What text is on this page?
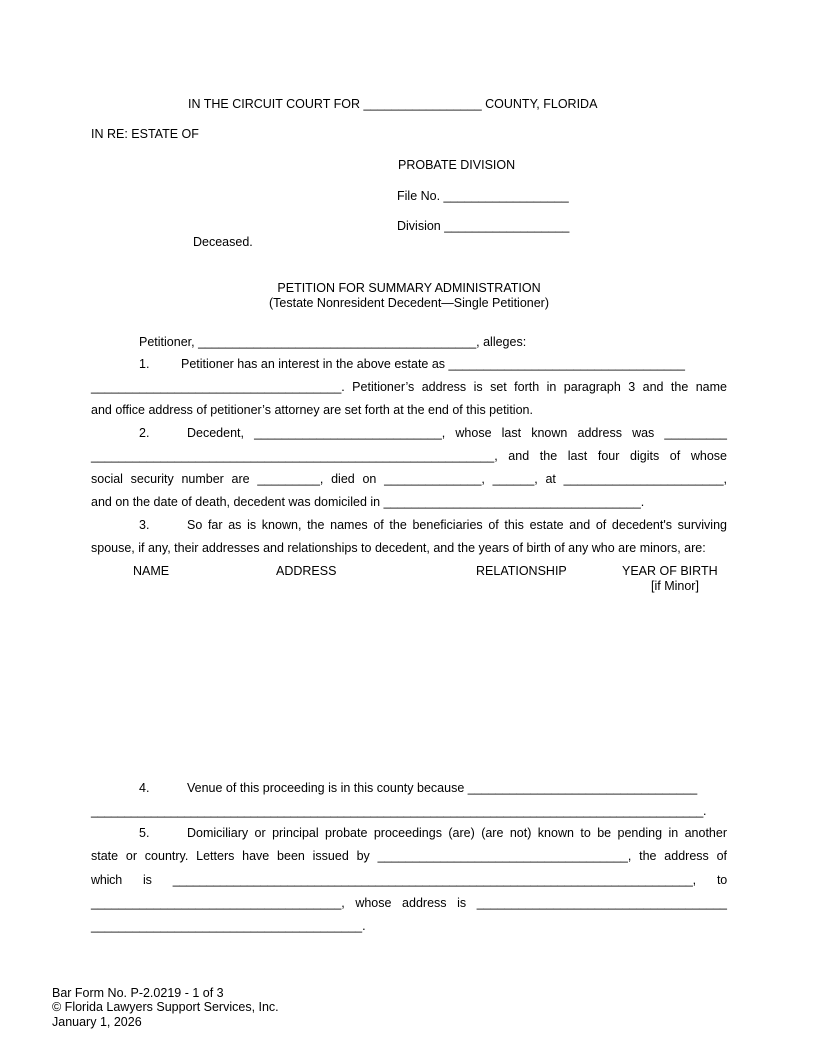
IN THE CIRCUIT COURT FOR _________________ COUNTY, FLORIDA
IN RE: ESTATE OF
PROBATE DIVISION
File No. __________________
Division __________________
Deceased.
PETITION FOR SUMMARY ADMINISTRATION
(Testate Nonresident Decedent—Single Petitioner)
Petitioner, ________________________________________, alleges:
1.	Petitioner has an interest in the above estate as __________________________________
____________________________________. Petitioner’s address is set forth in paragraph 3 and the name
and office address of petitioner’s attorney are set forth at the end of this petition.
2.	Decedent, ___________________________, whose last known address was _________
__________________________________________________________, and the last four digits of whose
social security number are _________, died on ______________, ______, at _______________________,
and on the date of death, decedent was domiciled in _____________________________________.
3.	So far as is known, the names of the beneficiaries of this estate and of decedent's surviving
spouse, if any, their addresses and relationships to decedent, and the years of birth of any who are minors, are:
NAME	ADDRESS	RELATIONSHIP	YEAR OF BIRTH
[if Minor]
4.	Venue of this proceeding is in this county because _________________________________
____________________________________________________________________________________________.
5.	Domiciliary or principal probate proceedings (are) (are not) known to be pending in another
state or country. Letters have been issued by ____________________________________, the address of
which is _____________________________________________________________________________, to
____________________________________, whose address is ____________________________________
_______________________________________.
Bar Form No. P-2.0219 - 1 of 3
© Florida Lawyers Support Services, Inc.
January 1, 2026
